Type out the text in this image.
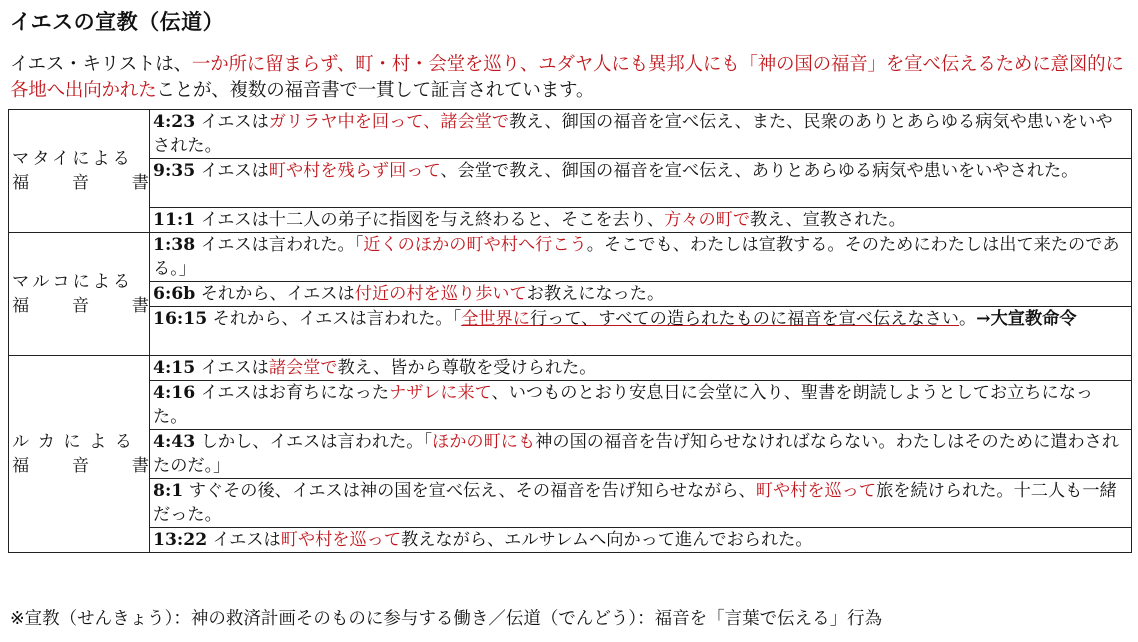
イエスの宣教（伝道）
イエス・キリストは、一か所に留まらず、町・村・会堂を巡り、ユダヤ人にも異邦人にも「神の国の福音」を宣べ伝えるために意図的に各地へ出向かれたことが、複数の福音書で一貫して証言されています。
マタイによる
福 音 書	4:23 イエスはガリラヤ中を回って、諸会堂で教え、御国の福音を宣べ伝え、また、民衆のありとあらゆる病気や患いをいやされた。
	9:35 イエスは町や村を残らず回って、会堂で教え、御国の福音を宣べ伝え、ありとあらゆる病気や患いをいやされた。
	11:1 イエスは十二人の弟子に指図を与え終わると、そこを去り、方々の町で教え、宣教された。

マルコによる
福 音 書	1:38 イエスは言われた。「近くのほかの町や村へ行こう。そこでも、わたしは宣教する。そのためにわたしは出て来たのである。」
	6:6b それから、イエスは付近の村を巡り歩いてお教えになった。
	16:15 それから、イエスは言われた。「全世界に行って、すべての造られたものに福音を宣べ伝えなさい。→大宣教命令

ルカによる
福 音 書	4:15 イエスは諸会堂で教え、皆から尊敬を受けられた。
	4:16 イエスはお育ちになったナザレに来て、いつものとおり安息日に会堂に入り、聖書を朗読しようとしてお立ちになった。
	4:43 しかし、イエスは言われた。「ほかの町にも神の国の福音を告げ知らせなければならない。わたしはそのために遣わされたのだ。」
	8:1 すぐその後、イエスは神の国を宣べ伝え、その福音を告げ知らせながら、町や村を巡って旅を続けられた。十二人も一緒だった。
	13:22 イエスは町や村を巡って教えながら、エルサレムへ向かって進んでおられた。
※宣教（せんきょう）：神の救済計画そのものに参与する働き／伝道（でんどう）：福音を「言葉で伝える」行為
